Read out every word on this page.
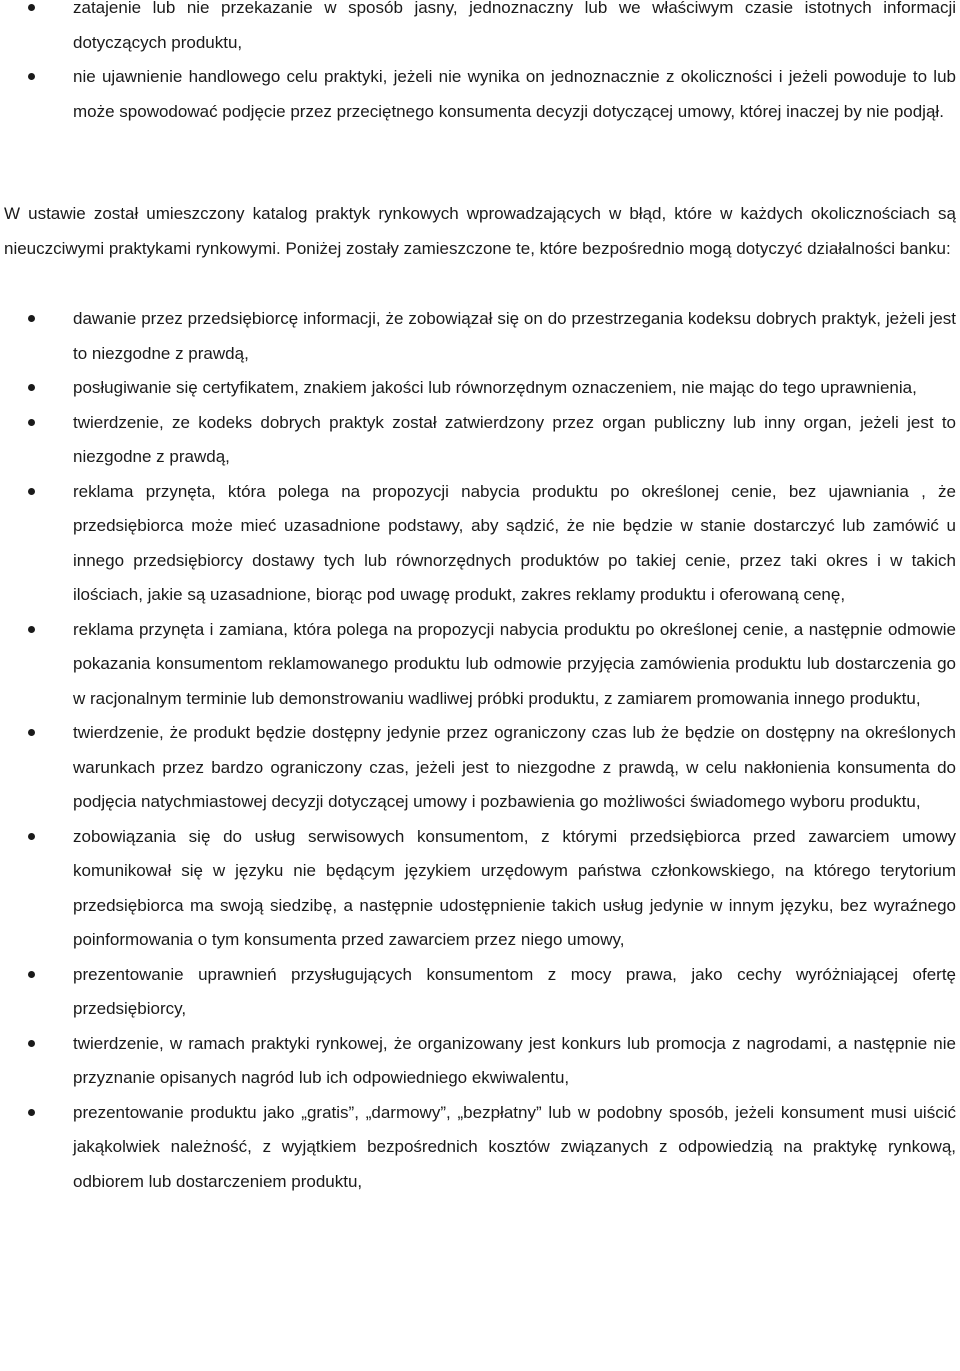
zatajenie lub nie przekazanie w sposób jasny, jednoznaczny lub we właściwym czasie istotnych informacji dotyczących produktu,
nie ujawnienie handlowego celu praktyki, jeżeli nie wynika on jednoznacznie z okoliczności i jeżeli powoduje to lub może spowodować podjęcie przez przeciętnego konsumenta decyzji dotyczącej umowy, której inaczej by nie podjął.

W ustawie został umieszczony katalog praktyk rynkowych wprowadzających w błąd, które w każdych okolicznościach są nieuczciwymi praktykami rynkowymi. Poniżej zostały zamieszczone te, które bezpośrednio mogą dotyczyć działalności banku:

dawanie przez przedsiębiorcę informacji, że zobowiązał się on do przestrzegania kodeksu dobrych praktyk, jeżeli jest to niezgodne z prawdą,
posługiwanie się certyfikatem, znakiem jakości lub równorzędnym oznaczeniem, nie mając do tego uprawnienia,
twierdzenie, ze kodeks dobrych praktyk został zatwierdzony przez organ publiczny lub inny organ, jeżeli jest to niezgodne z prawdą,
reklama przynęta, która polega na propozycji nabycia produktu po określonej cenie, bez ujawniania , że przedsiębiorca może mieć uzasadnione podstawy, aby sądzić, że nie będzie w stanie dostarczyć lub zamówić u innego przedsiębiorcy dostawy tych lub równorzędnych produktów po takiej cenie, przez taki okres i w takich ilościach, jakie są uzasadnione, biorąc pod uwagę produkt, zakres reklamy produktu i oferowaną cenę,
reklama przynęta i zamiana, która polega na propozycji nabycia produktu po określonej cenie, a następnie odmowie pokazania konsumentom reklamowanego produktu lub odmowie przyjęcia zamówienia produktu lub dostarczenia go w racjonalnym terminie lub demonstrowaniu wadliwej próbki produktu, z zamiarem promowania innego produktu,
twierdzenie, że produkt będzie dostępny jedynie przez ograniczony czas lub że będzie on dostępny na określonych warunkach przez bardzo ograniczony czas, jeżeli jest to niezgodne z prawdą, w celu nakłonienia konsumenta do podjęcia natychmiastowej decyzji dotyczącej umowy i pozbawienia go możliwości świadomego wyboru produktu,
zobowiązania się do usług serwisowych konsumentom, z którymi przedsiębiorca przed zawarciem umowy komunikował się w języku nie będącym językiem urzędowym państwa członkowskiego, na którego terytorium przedsiębiorca ma swoją siedzibę, a następnie udostępnienie takich usług jedynie w innym języku, bez wyraźnego poinformowania o tym konsumenta przed zawarciem przez niego umowy,
prezentowanie uprawnień przysługujących konsumentom z mocy prawa, jako cechy wyróżniającej ofertę przedsiębiorcy,
twierdzenie, w ramach praktyki rynkowej, że organizowany jest konkurs lub promocja z nagrodami, a następnie nie przyznanie opisanych nagród lub ich odpowiedniego ekwiwalentu,
prezentowanie produktu jako „gratis”, „darmowy”, „bezpłatny” lub w podobny sposób, jeżeli konsument musi uiścić jakąkolwiek należność, z wyjątkiem bezpośrednich kosztów związanych z odpowiedzią na praktykę rynkową, odbiorem lub dostarczeniem produktu,
